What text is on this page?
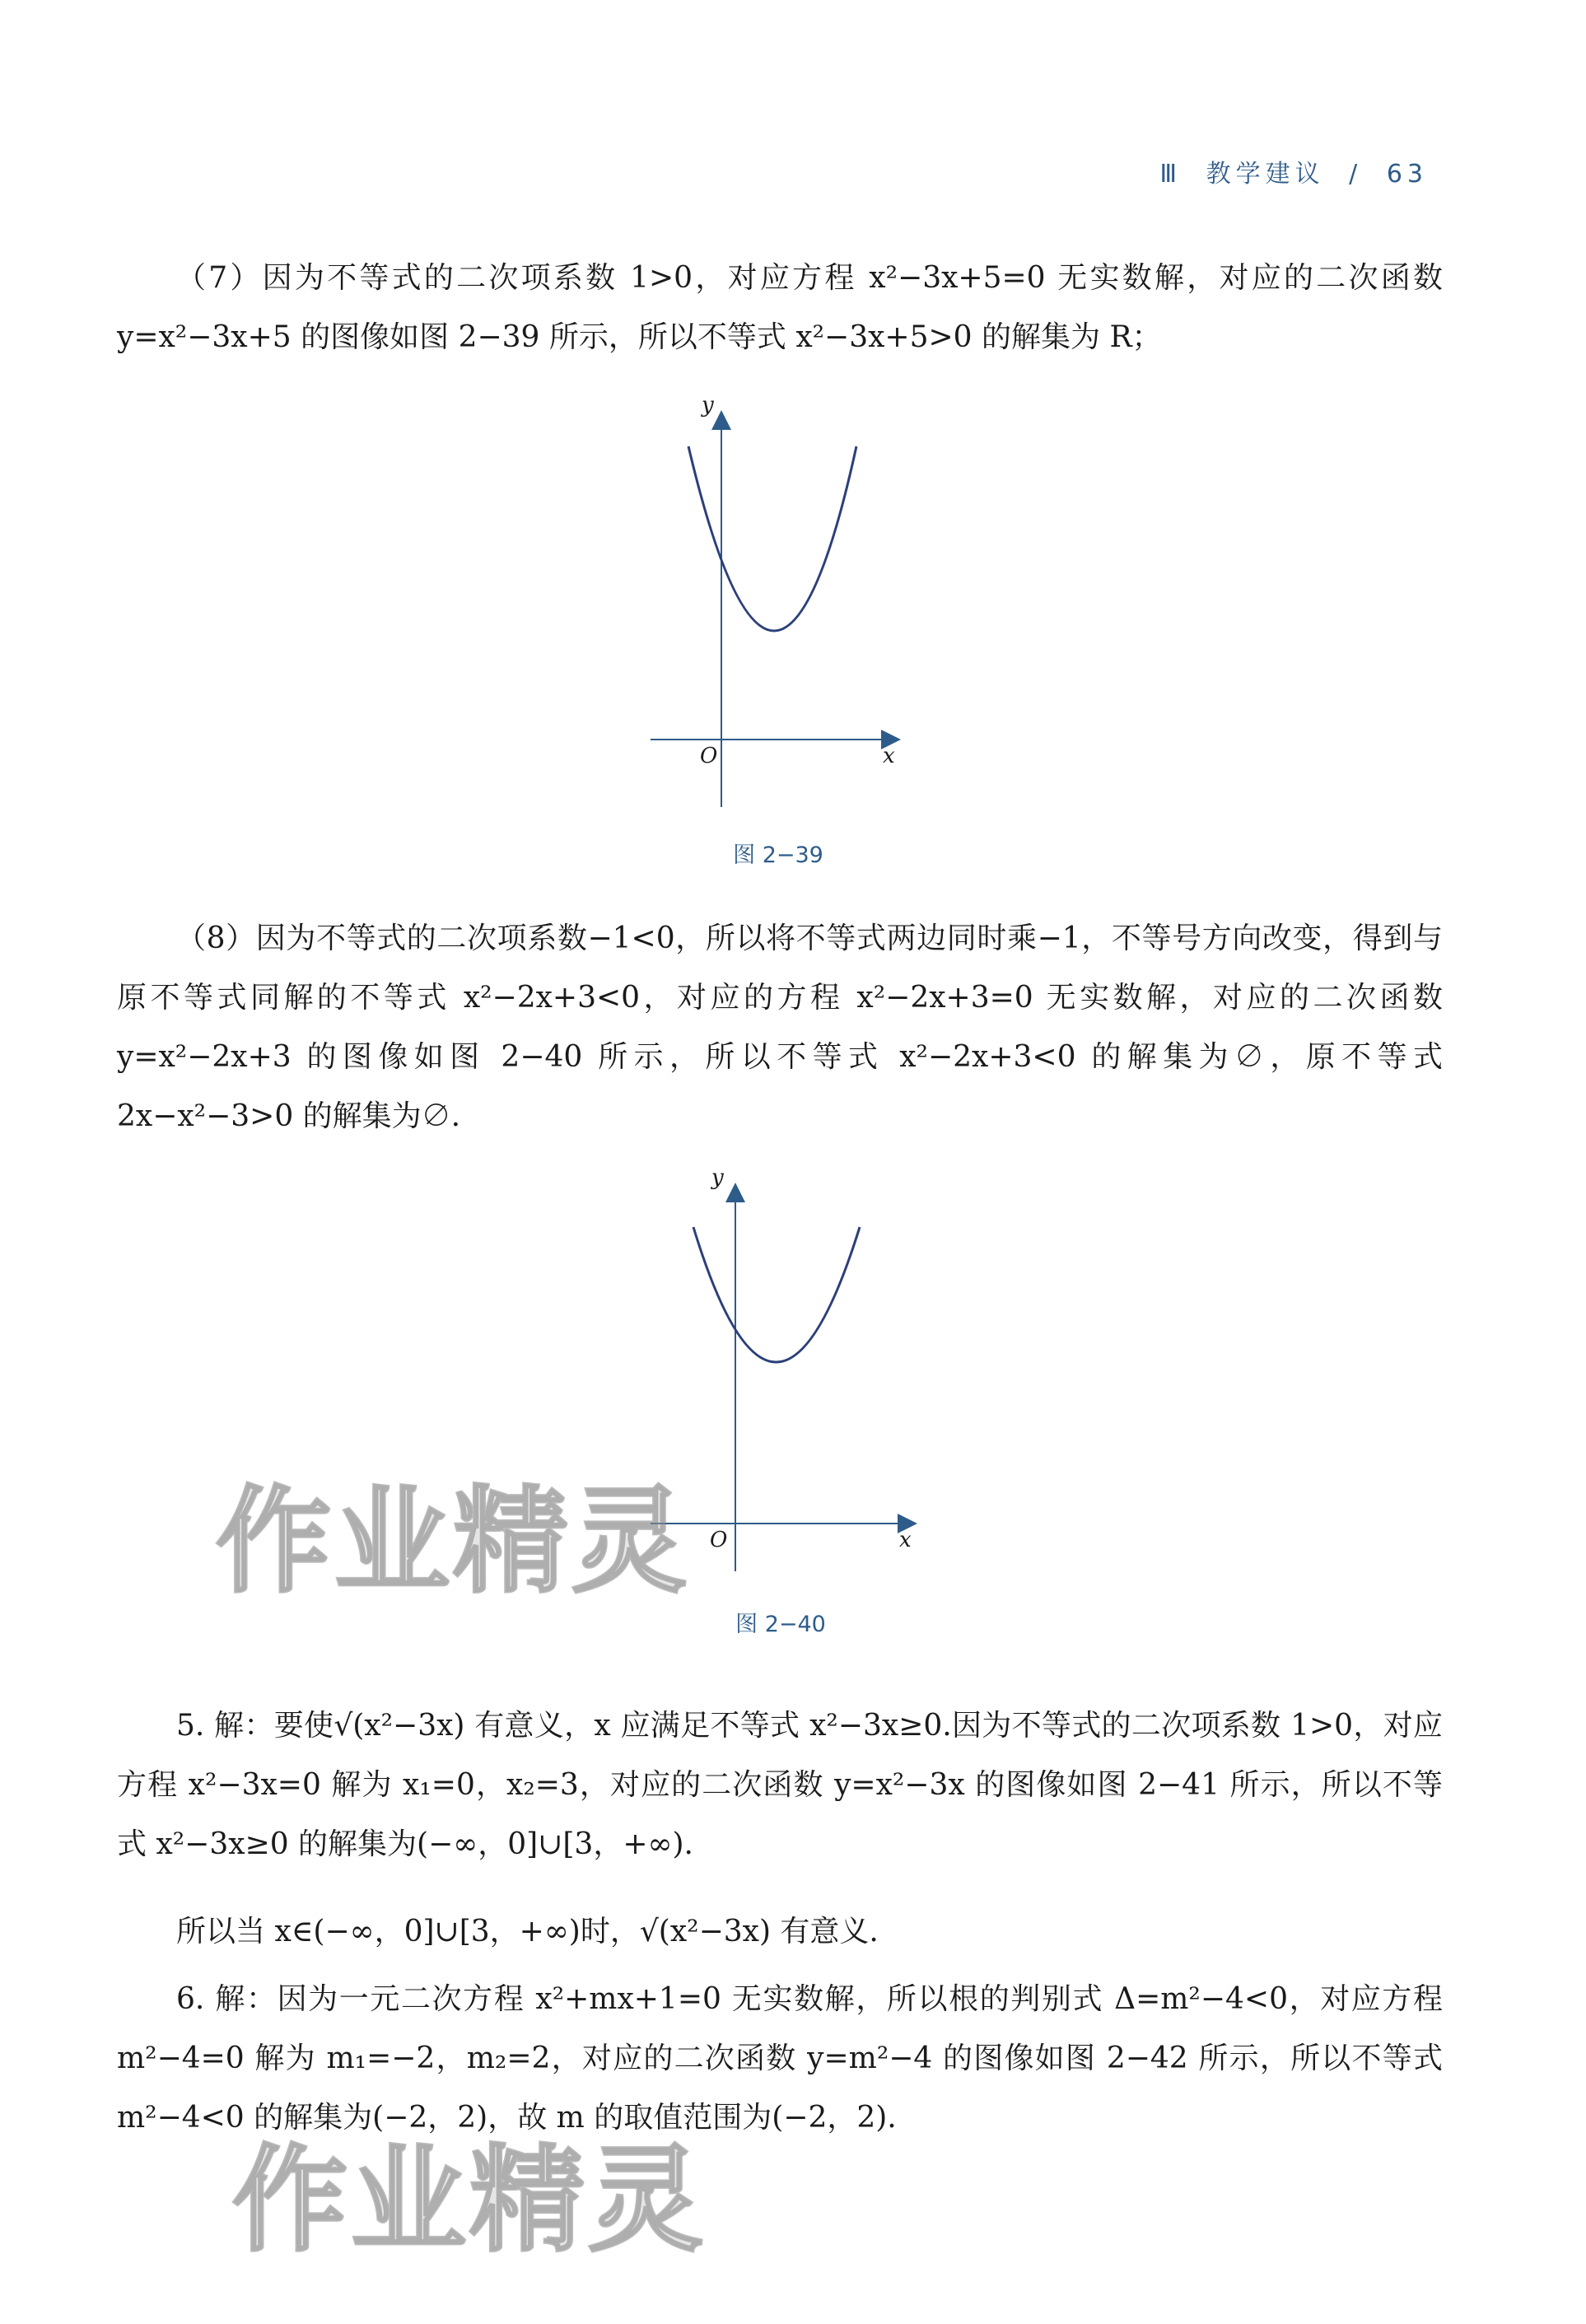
Ⅲ 教学建议 / 63

（7）因为不等式的二次项系数 1>0，对应方程 x²−3x+5=0 无实数解，对应的二次函数 y=x²−3x+5 的图像如图 2−39 所示，所以不等式 x²−3x+5>0 的解集为 R；

y
x
O
图 2−39

（8）因为不等式的二次项系数−1<0，所以将不等式两边同时乘−1，不等号方向改变，得到与原不等式同解的不等式 x²−2x+3<0，对应的方程 x²−2x+3=0 无实数解，对应的二次函数 y=x²−2x+3 的图像如图 2−40 所示，所以不等式 x²−2x+3<0 的解集为∅，原不等式 2x−x²−3>0 的解集为∅.

y
x
O
图 2−40

5. 解：要使√(x²−3x) 有意义，x 应满足不等式 x²−3x≥0.因为不等式的二次项系数 1>0，对应方程 x²−3x=0 解为 x₁=0，x₂=3，对应的二次函数 y=x²−3x 的图像如图 2−41 所示，所以不等式 x²−3x≥0 的解集为(−∞，0]∪[3，+∞).

所以当 x∈(−∞，0]∪[3，+∞)时，√(x²−3x) 有意义.

6. 解：因为一元二次方程 x²+mx+1=0 无实数解，所以根的判别式 Δ=m²−4<0，对应方程 m²−4=0 解为 m₁=−2，m₂=2，对应的二次函数 y=m²−4 的图像如图 2−42 所示，所以不等式 m²−4<0 的解集为(−2，2)，故 m 的取值范围为(−2，2).

作业精灵
作业精灵
